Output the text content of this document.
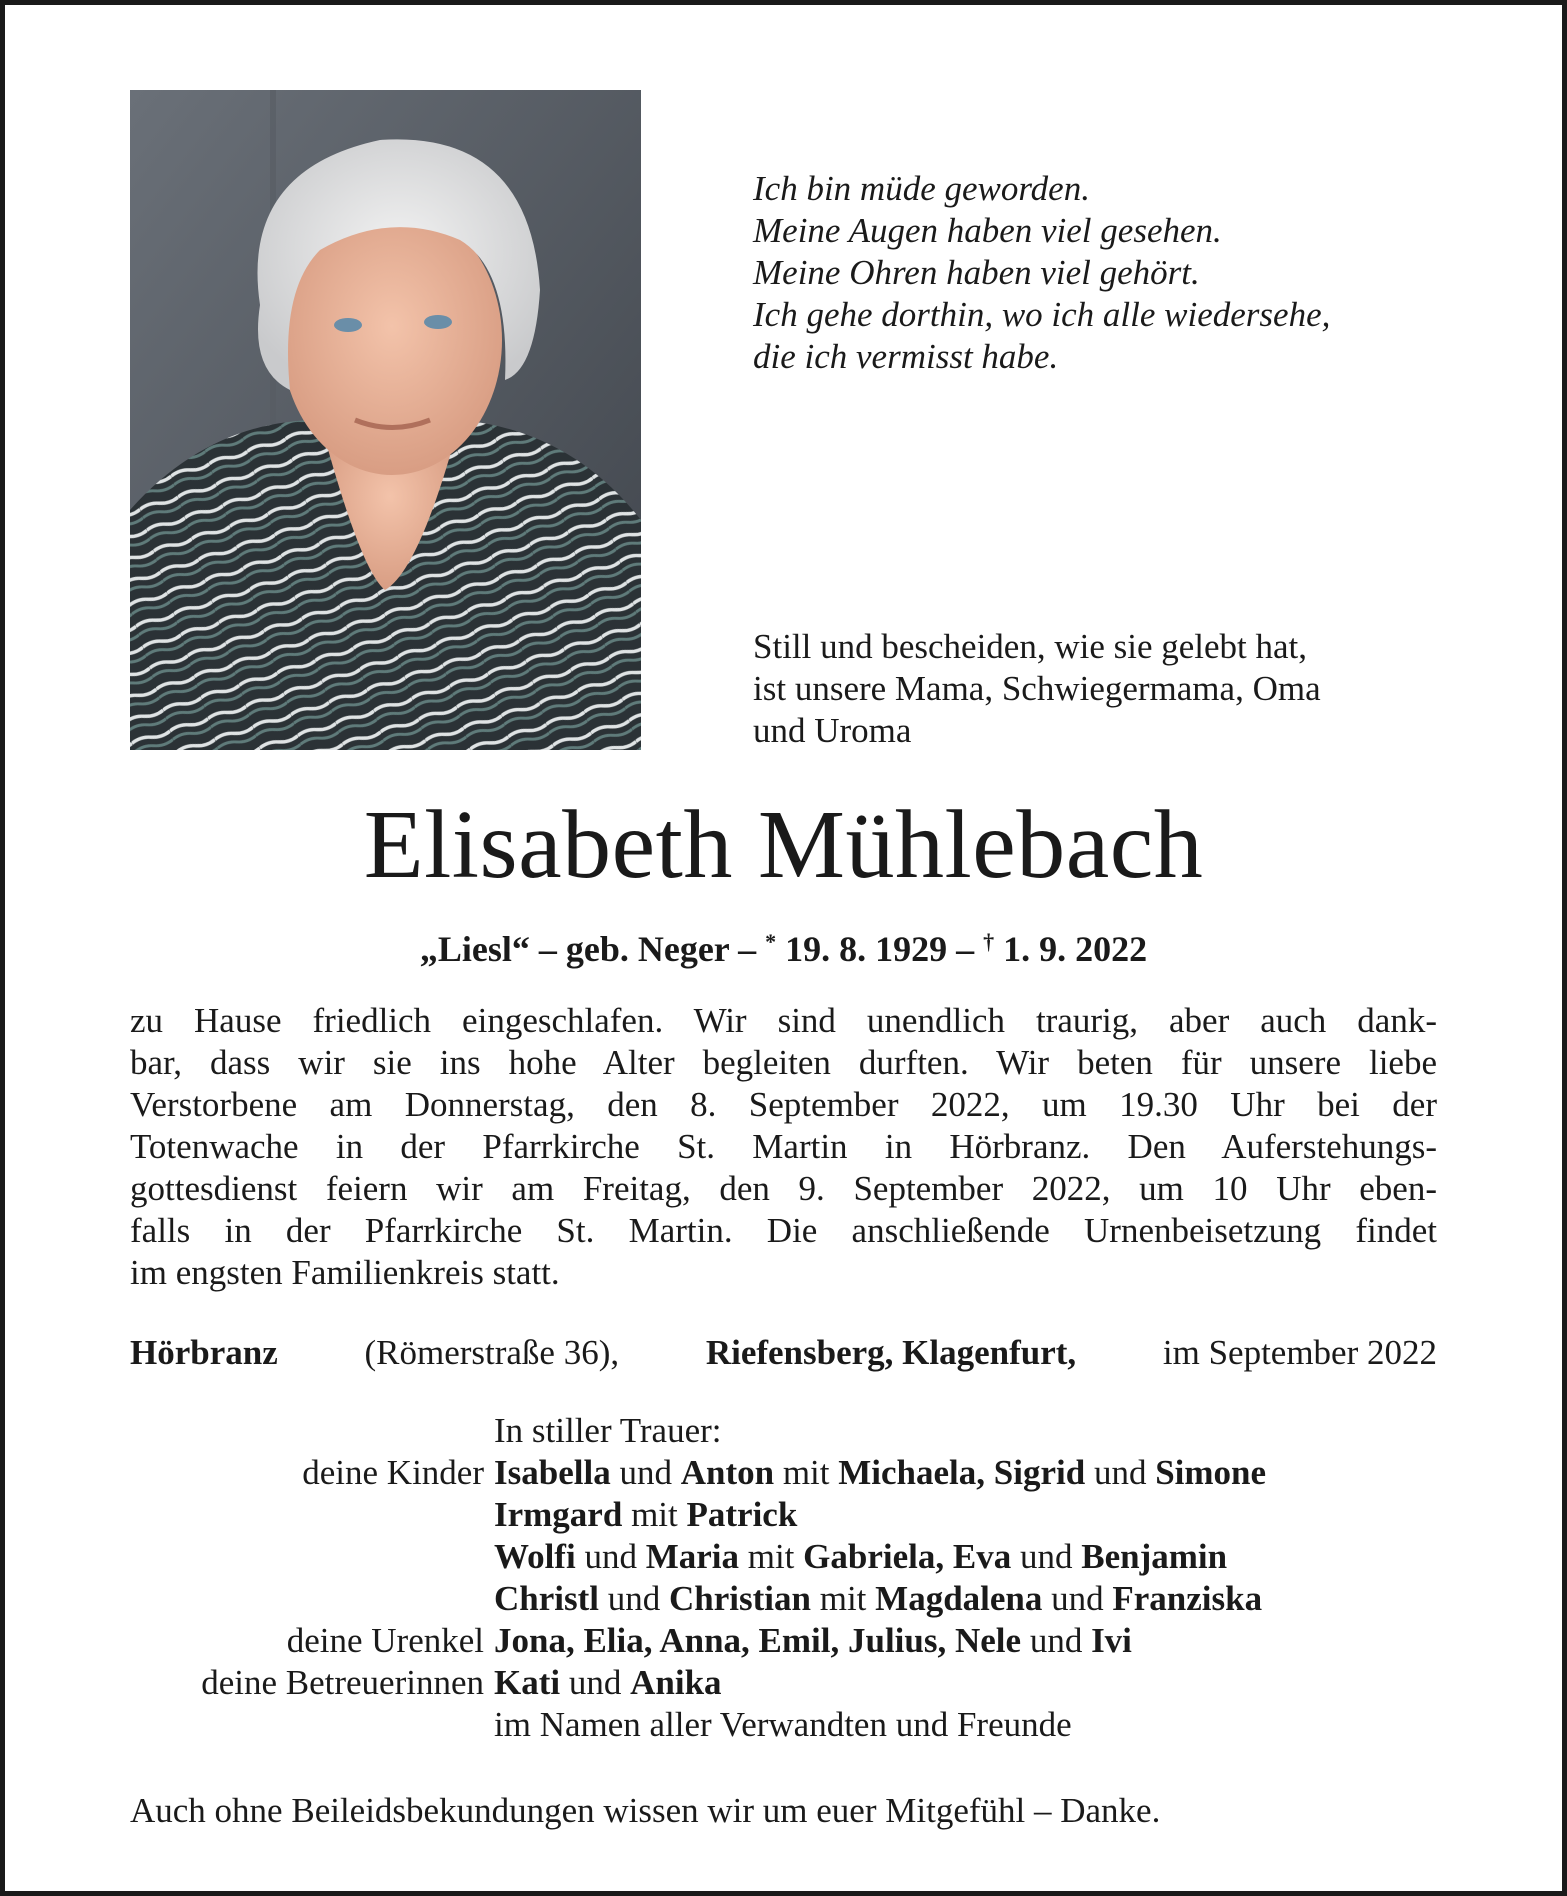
Ich bin müde geworden.
Meine Augen haben viel gesehen.
Meine Ohren haben viel gehört.
Ich gehe dorthin, wo ich alle wiedersehe,
die ich vermisst habe.
Still und bescheiden, wie sie gelebt hat,
ist unsere Mama, Schwiegermama, Oma
und Uroma
Elisabeth Mühlebach
„Liesl“ – geb. Neger – * 19. 8. 1929 – † 1. 9. 2022
zu Hause friedlich eingeschlafen. Wir sind unendlich traurig, aber auch dank-
bar, dass wir sie ins hohe Alter begleiten durften. Wir beten für unsere liebe
Verstorbene am Donnerstag, den 8. September 2022, um 19.30 Uhr bei der
Totenwache in der Pfarrkirche St. Martin in Hörbranz. Den Auferstehungs-
gottesdienst feiern wir am Freitag, den 9. September 2022, um 10 Uhr eben-
falls in der Pfarrkirche St. Martin. Die anschließende Urnenbeisetzung findet
im engsten Familienkreis statt.
Hörbranz (Römerstraße 36), Riefensberg, Klagenfurt, im September 2022
In stiller Trauer:
deine Kinder Isabella und Anton mit Michaela, Sigrid und Simone
Irmgard mit Patrick
Wolfi und Maria mit Gabriela, Eva und Benjamin
Christl und Christian mit Magdalena und Franziska
deine Urenkel Jona, Elia, Anna, Emil, Julius, Nele und Ivi
deine Betreuerinnen Kati und Anika
im Namen aller Verwandten und Freunde
Auch ohne Beileidsbekundungen wissen wir um euer Mitgefühl – Danke.
